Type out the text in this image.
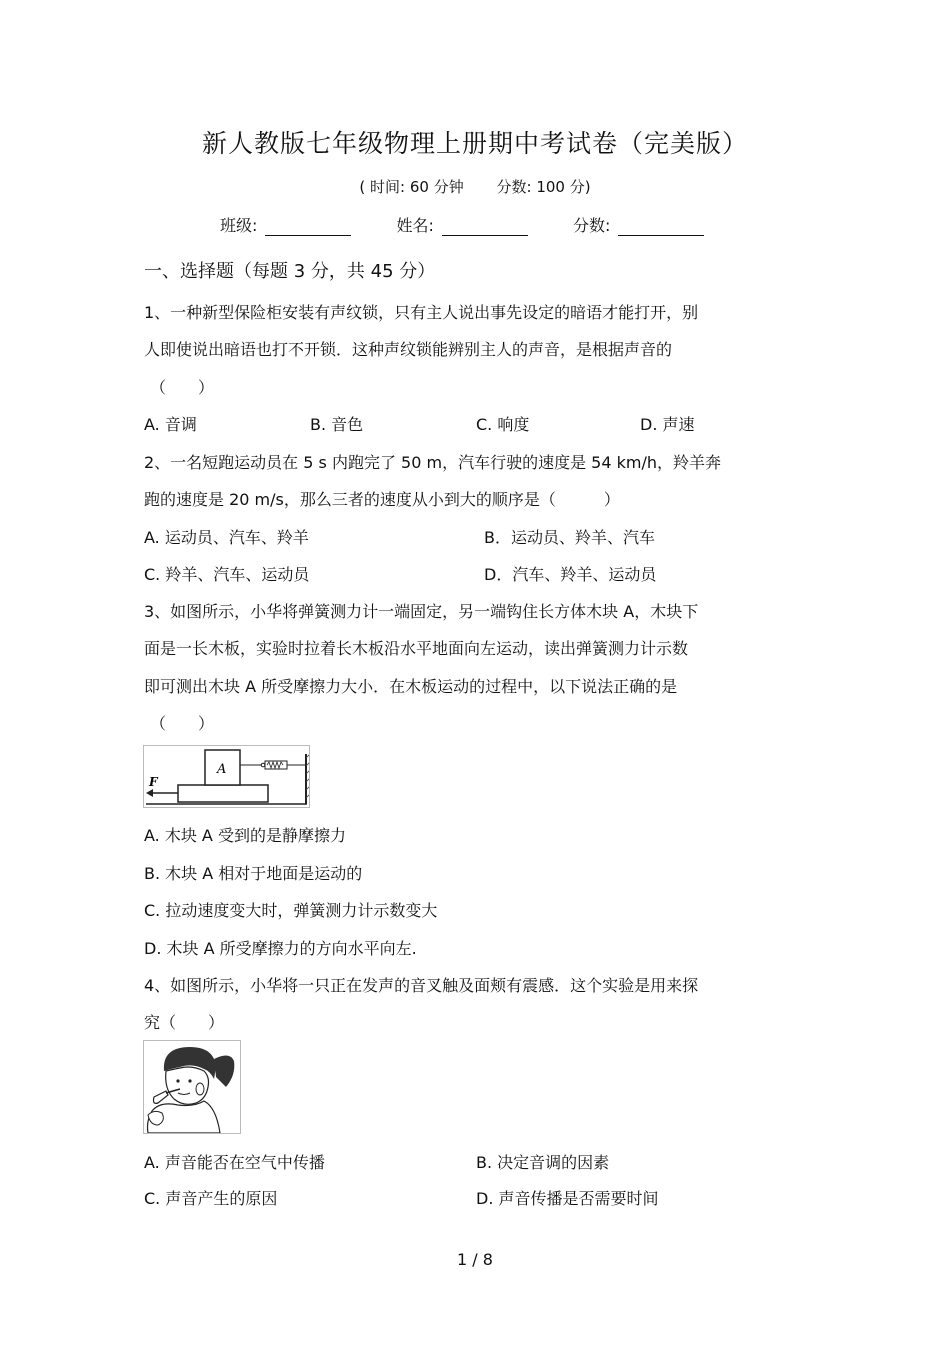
新人教版七年级物理上册期中考试卷（完美版）
( 时间: 60 分钟 分数: 100 分)
班级:	姓名:	分数:
一、选择题（每题 3 分，共 45 分）
1、一种新型保险柜安装有声纹锁，只有主人说出事先设定的暗语才能打开，别
人即使说出暗语也打不开锁．这种声纹锁能辨别主人的声音，是根据声音的
（　　）
A. 音调	B. 音色	C. 响度	D. 声速
2、一名短跑运动员在 5 s 内跑完了 50 m，汽车行驶的速度是 54 km/h，羚羊奔
跑的速度是 20 m/s，那么三者的速度从小到大的顺序是（　　　）
A. 运动员、汽车、羚羊	B．运动员、羚羊、汽车
C. 羚羊、汽车、运动员	D．汽车、羚羊、运动员
3、如图所示，小华将弹簧测力计一端固定，另一端钩住长方体木块 A，木块下
面是一长木板，实验时拉着长木板沿水平地面向左运动，读出弹簧测力计示数
即可测出木块 A 所受摩擦力大小．在木板运动的过程中，以下说法正确的是
（　　）
A
F
A. 木块 A 受到的是静摩擦力
B. 木块 A 相对于地面是运动的
C. 拉动速度变大时，弹簧测力计示数变大
D. 木块 A 所受摩擦力的方向水平向左.
4、如图所示，小华将一只正在发声的音叉触及面颊有震感．这个实验是用来探
究（　　）
A. 声音能否在空气中传播	B. 决定音调的因素
C. 声音产生的原因	D. 声音传播是否需要时间
1 / 8
